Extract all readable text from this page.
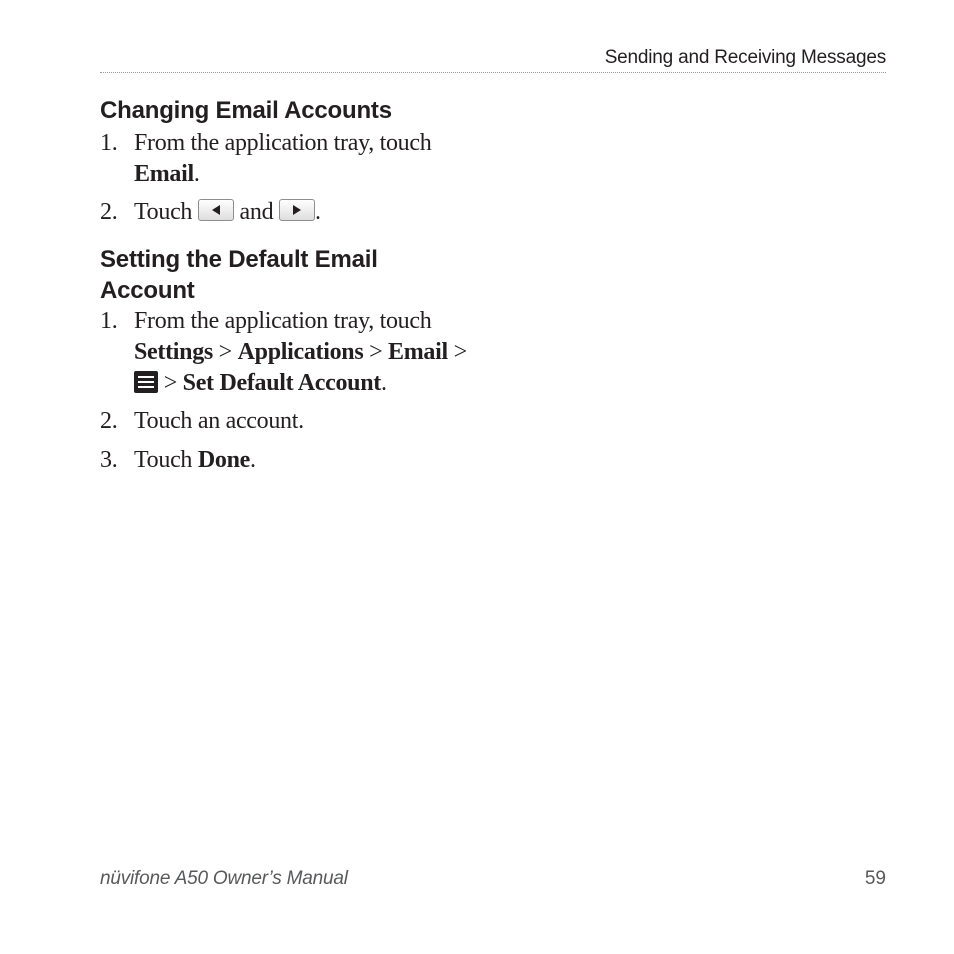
Sending and Receiving Messages
Changing Email Accounts
1. From the application tray, touch
Email.
2. Touch and .
Setting the Default Email
Account
1. From the application tray, touch
Settings > Applications > Email >

> Set Default Account.
2. Touch an account.
3. Touch Done.
nüvifone A50 Owner’s Manual	59
